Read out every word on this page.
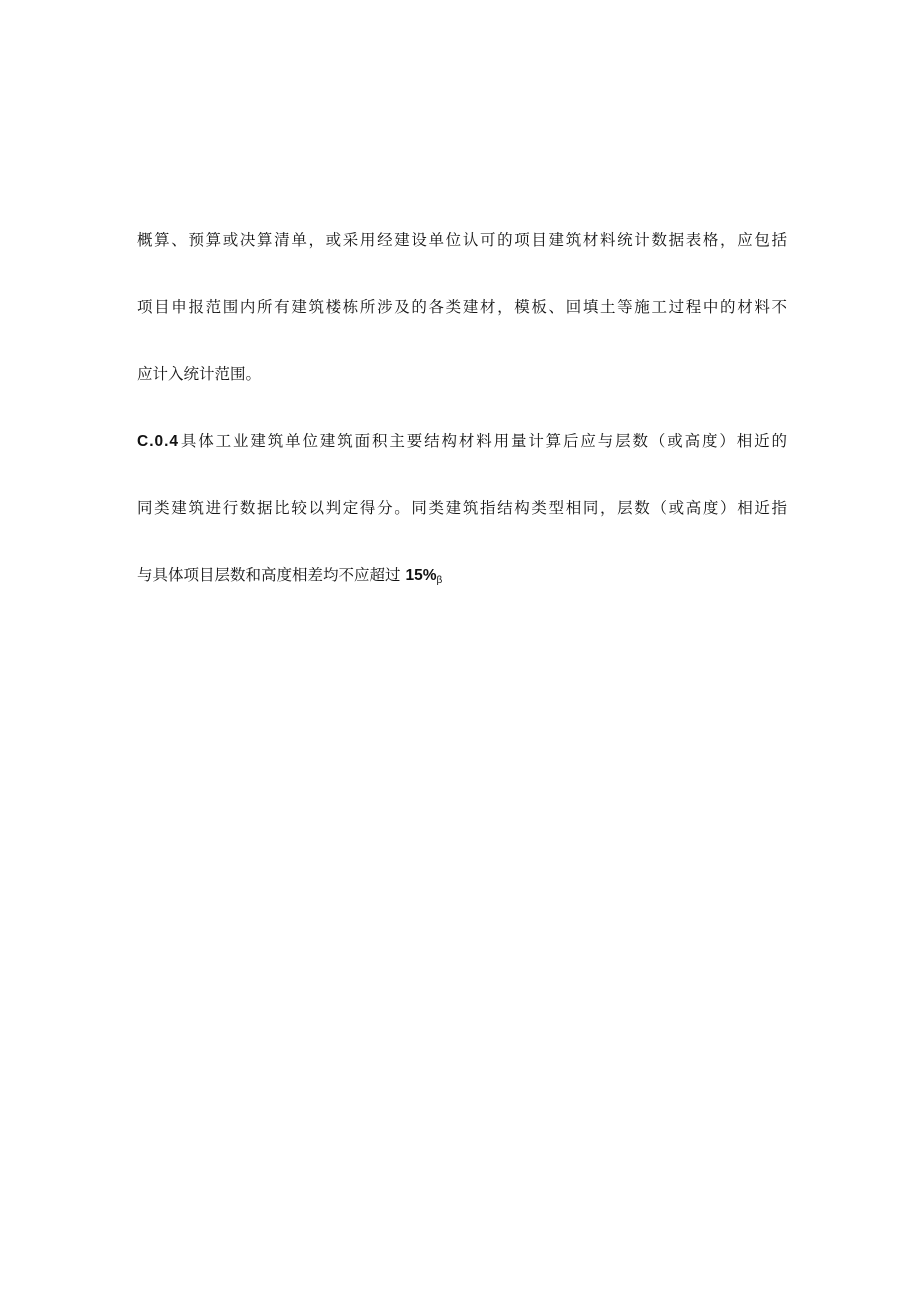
概算、预算或决算清单，或采用经建设单位认可的项目建筑材料统计数据表格，应包括
项目申报范围内所有建筑楼栋所涉及的各类建材，模板、回填土等施工过程中的材料不
应计入统计范围。
C.0.4具体工业建筑单位建筑面积主要结构材料用量计算后应与层数（或高度）相近的
同类建筑进行数据比较以判定得分。同类建筑指结构类型相同，层数（或高度）相近指
与具体项目层数和高度相差均不应超过 15%β
